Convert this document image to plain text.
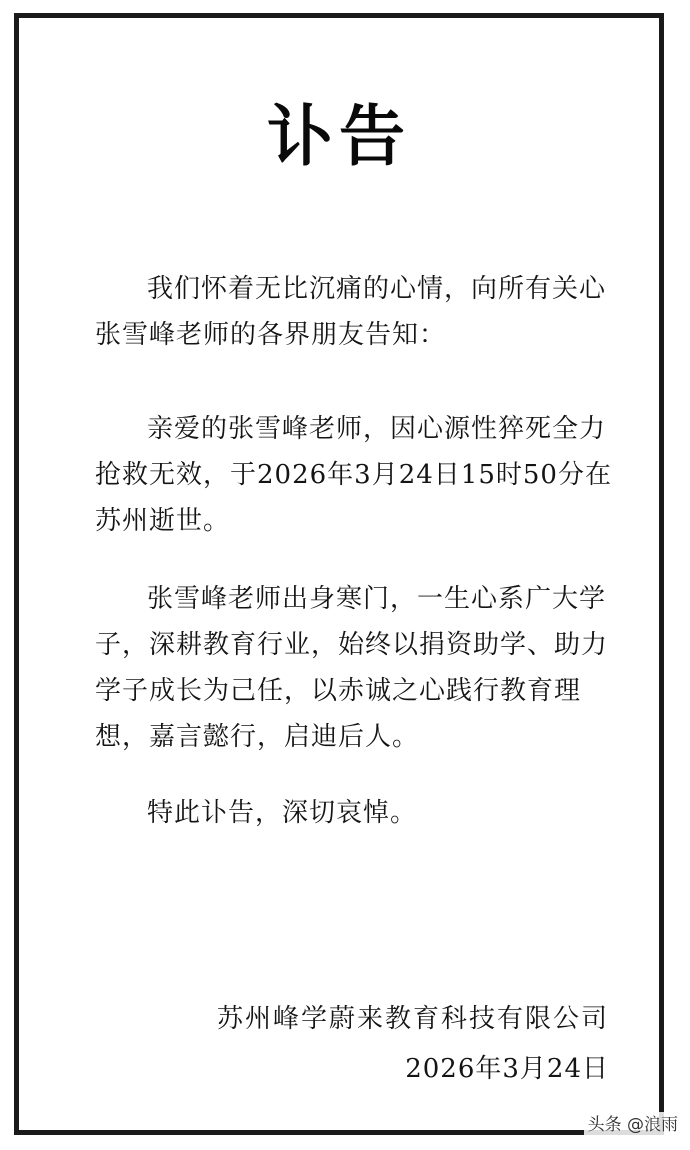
讣告

我们怀着无比沉痛的心情，向所有关心张雪峰老师的各界朋友告知：

亲爱的张雪峰老师，因心源性猝死全力抢救无效，于2026年3月24日15时50分在苏州逝世。

张雪峰老师出身寒门，一生心系广大学子，深耕教育行业，始终以捐资助学、助力学子成长为己任，以赤诚之心践行教育理想，嘉言懿行，启迪后人。

特此讣告，深切哀悼。

苏州峰学蔚来教育科技有限公司
2026年3月24日
头条 @浪雨
